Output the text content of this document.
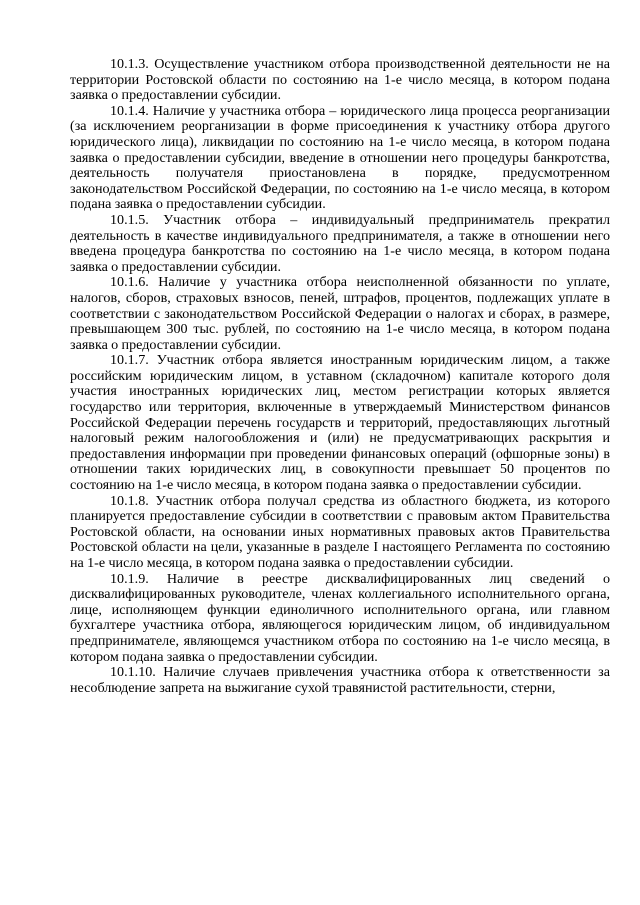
10.1.3. Осуществление участником отбора производственной деятельности не на территории Ростовской области по состоянию на 1-е число месяца, в котором подана заявка о предоставлении субсидии.

10.1.4. Наличие у участника отбора – юридического лица процесса реорганизации (за исключением реорганизации в форме присоединения к участнику отбора другого юридического лица), ликвидации по состоянию на 1-е число месяца, в котором подана заявка о предоставлении субсидии, введение в отношении него процедуры банкротства, деятельность получателя приостановлена в порядке, предусмотренном законодательством Российской Федерации, по состоянию на 1-е число месяца, в котором подана заявка о предоставлении субсидии.

10.1.5. Участник отбора – индивидуальный предприниматель прекратил деятельность в качестве индивидуального предпринимателя, а также в отношении него введена процедура банкротства по состоянию на 1-е число месяца, в котором подана заявка о предоставлении субсидии.

10.1.6. Наличие у участника отбора неисполненной обязанности по уплате, налогов, сборов, страховых взносов, пеней, штрафов, процентов, подлежащих уплате в соответствии с законодательством Российской Федерации о налогах и сборах, в размере, превышающем 300 тыс. рублей, по состоянию на 1-е число месяца, в котором подана заявка о предоставлении субсидии.

10.1.7. Участник отбора является иностранным юридическим лицом, а также российским юридическим лицом, в уставном (складочном) капитале которого доля участия иностранных юридических лиц, местом регистрации которых является государство или территория, включенные в утверждаемый Министерством финансов Российской Федерации перечень государств и территорий, предоставляющих льготный налоговый режим налогообложения и (или) не предусматривающих раскрытия и предоставления информации при проведении финансовых операций (офшорные зоны) в отношении таких юридических лиц, в совокупности превышает 50 процентов по состоянию на 1-е число месяца, в котором подана заявка о предоставлении субсидии.

10.1.8. Участник отбора получал средства из областного бюджета, из которого планируется предоставление субсидии в соответствии с правовым актом Правительства Ростовской области, на основании иных нормативных правовых актов Правительства Ростовской области на цели, указанные в разделе I настоящего Регламента по состоянию на 1-е число месяца, в котором подана заявка о предоставлении субсидии.

10.1.9. Наличие в реестре дисквалифицированных лиц сведений о дисквалифицированных руководителе, членах коллегиального исполнительного органа, лице, исполняющем функции единоличного исполнительного органа, или главном бухгалтере участника отбора, являющегося юридическим лицом, об индивидуальном предпринимателе, являющемся участником отбора по состоянию на 1-е число месяца, в котором подана заявка о предоставлении субсидии.

10.1.10. Наличие случаев привлечения участника отбора к ответственности за несоблюдение запрета на выжигание сухой травянистой растительности, стерни,
